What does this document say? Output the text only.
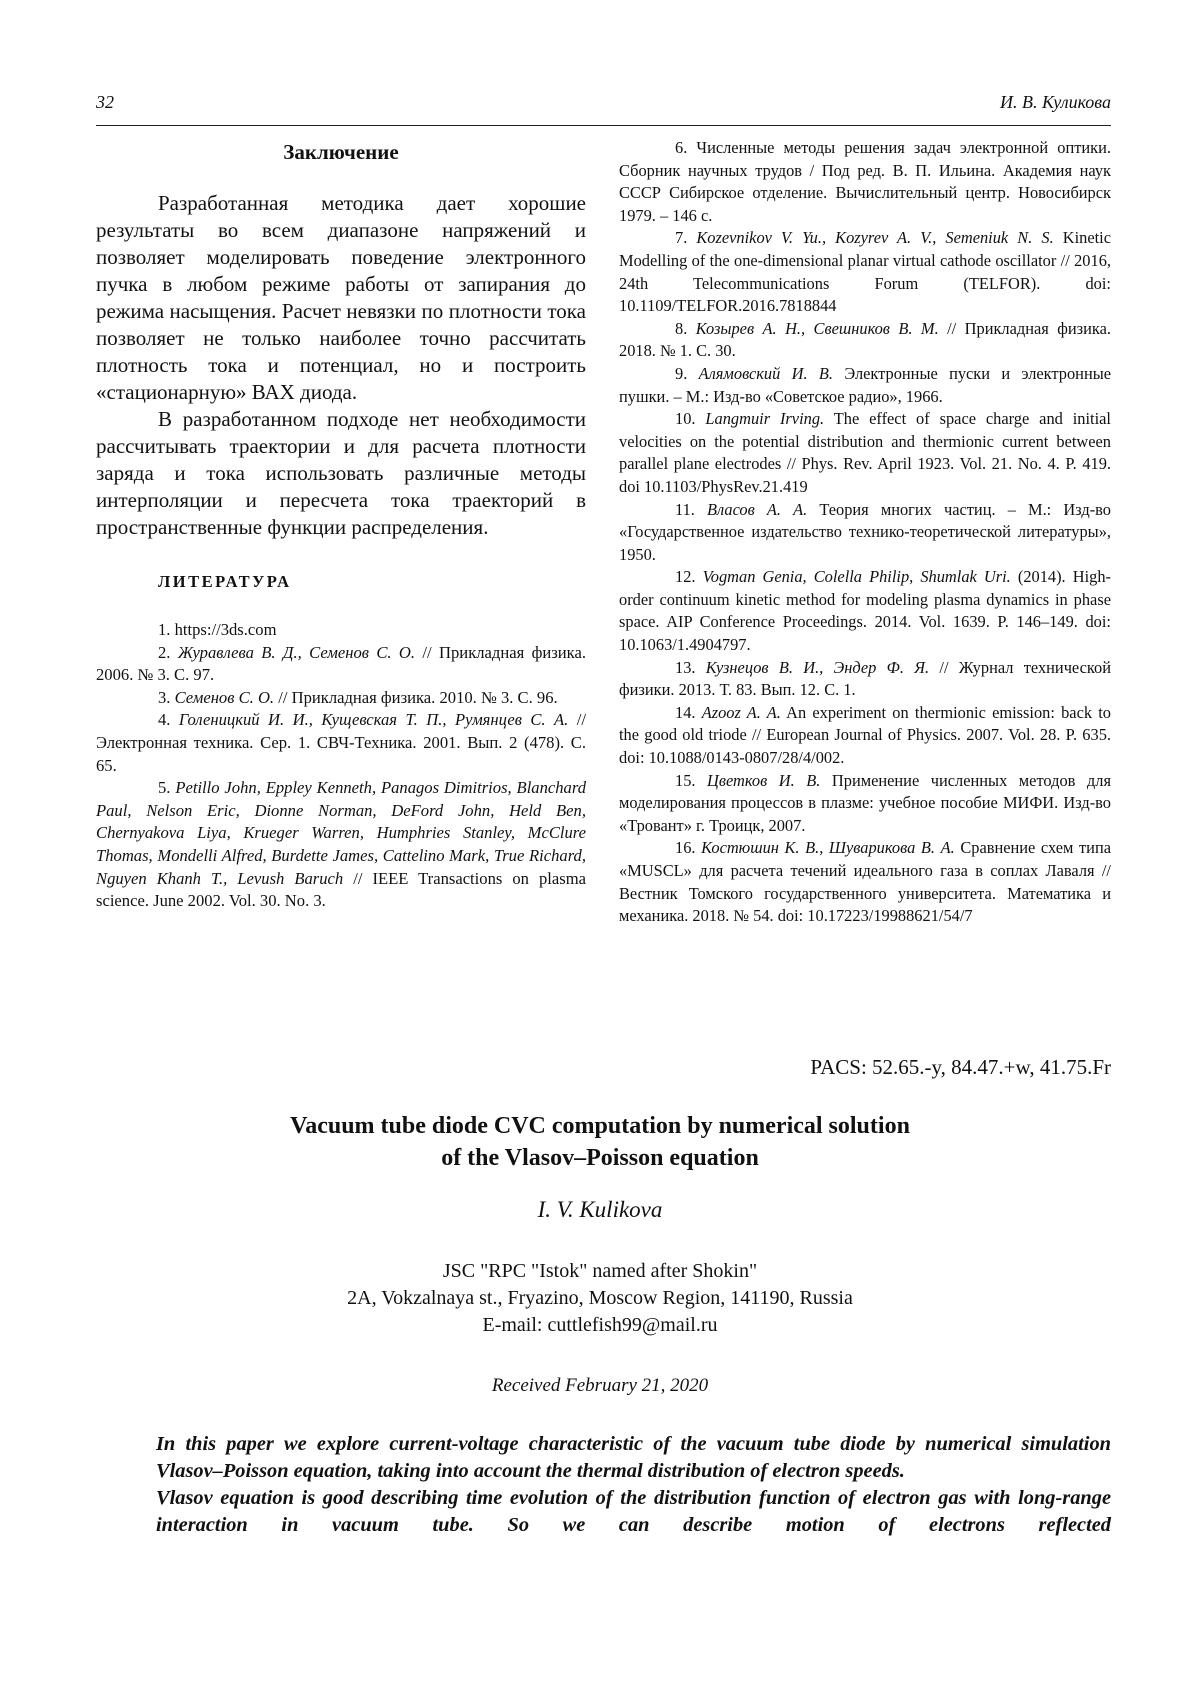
32	И. В. Куликова
Заключение

Разработанная методика дает хорошие результаты во всем диапазоне напряжений и позволяет моделировать поведение электронного пучка в любом режиме работы от запирания до режима насыщения. Расчет невязки по плотности тока позволяет не только наиболее точно рассчитать плотность тока и потенциал, но и построить «стационарную» ВАХ диода.

В разработанном подходе нет необходимости рассчитывать траектории и для расчета плотности заряда и тока использовать различные методы интерполяции и пересчета тока траекторий в пространственные функции распределения.

ЛИТЕРАТУРА

1. https://3ds.com

2. Журавлева В. Д., Семенов С. О. // Прикладная физика. 2006. № 3. С. 97.

3. Семенов С. О. // Прикладная физика. 2010. № 3. С. 96.

4. Голеницкий И. И., Кущевская Т. П., Румянцев С. А. // Электронная техника. Сер. 1. СВЧ-Техника. 2001. Вып. 2 (478). С. 65.

5. Petillo John, Eppley Kenneth, Panagos Dimitrios, Blanchard Paul, Nelson Eric, Dionne Norman, DeFord John, Held Ben, Chernyakova Liya, Krueger Warren, Humphries Stanley, McClure Thomas, Mondelli Alfred, Burdette James, Cattelino Mark, True Richard, Nguyen Khanh T., Levush Baruch // IEEE Transactions on plasma science. June 2002. Vol. 30. No. 3.

6. Численные методы решения задач электронной оптики. Сборник научных трудов / Под ред. В. П. Ильина. Академия наук СССР Сибирское отделение. Вычислительный центр. Новосибирск 1979. – 146 с.

7. Kozevnikov V. Yu., Kozyrev A. V., Semeniuk N. S. Kinetic Modelling of the one-dimensional planar virtual cathode oscillator // 2016, 24th Telecommunications Forum (TELFOR). doi: 10.1109/TELFOR.2016.7818844

8. Козырев А. Н., Свешников В. М. // Прикладная физика. 2018. № 1. С. 30.

9. Алямовский И. В. Электронные пуски и электронные пушки. – М.: Изд-во «Советское радио», 1966.

10. Langmuir Irving. The effect of space charge and initial velocities on the potential distribution and thermionic current between parallel plane electrodes // Phys. Rev. April 1923. Vol. 21. No. 4. P. 419. doi 10.1103/PhysRev.21.419

11. Власов А. А. Теория многих частиц. – М.: Изд-во «Государственное издательство технико-теоретической литературы», 1950.

12. Vogman Genia, Colella Philip, Shumlak Uri. (2014). High-order continuum kinetic method for modeling plasma dynamics in phase space. AIP Conference Proceedings. 2014. Vol. 1639. P. 146–149. doi: 10.1063/1.4904797.

13. Кузнецов В. И., Эндер Ф. Я. // Журнал технической физики. 2013. Т. 83. Вып. 12. С. 1.

14. Azooz A. A. An experiment on thermionic emission: back to the good old triode // European Journal of Physics. 2007. Vol. 28. P. 635. doi: 10.1088/0143-0807/28/4/002.

15. Цветков И. В. Применение численных методов для моделирования процессов в плазме: учебное пособие МИФИ. Изд-во «Тровант» г. Троицк, 2007.

16. Костюшин К. В., Шуварикова В. А. Сравнение схем типа «MUSCL» для расчета течений идеального газа в соплах Лаваля // Вестник Томского государственного университета. Математика и механика. 2018. № 54. doi: 10.17223/19988621/54/7

PACS: 52.65.-y, 84.47.+w, 41.75.Fr
Vacuum tube diode CVC computation by numerical solution
of the Vlasov–Poisson equation
I. V. Kulikova
JSC "RPC "Istok" named after Shokin"
2A, Vokzalnaya st., Fryazino, Moscow Region, 141190, Russia
E-mail: cuttlefish99@mail.ru
Received February 21, 2020

In this paper we explore current-voltage characteristic of the vacuum tube diode by numerical simulation Vlasov–Poisson equation, taking into account the thermal distribution of electron speeds.

Vlasov equation is good describing time evolution of the distribution function of electron gas with long-range interaction in vacuum tube. So we can describe motion of electrons reflected
